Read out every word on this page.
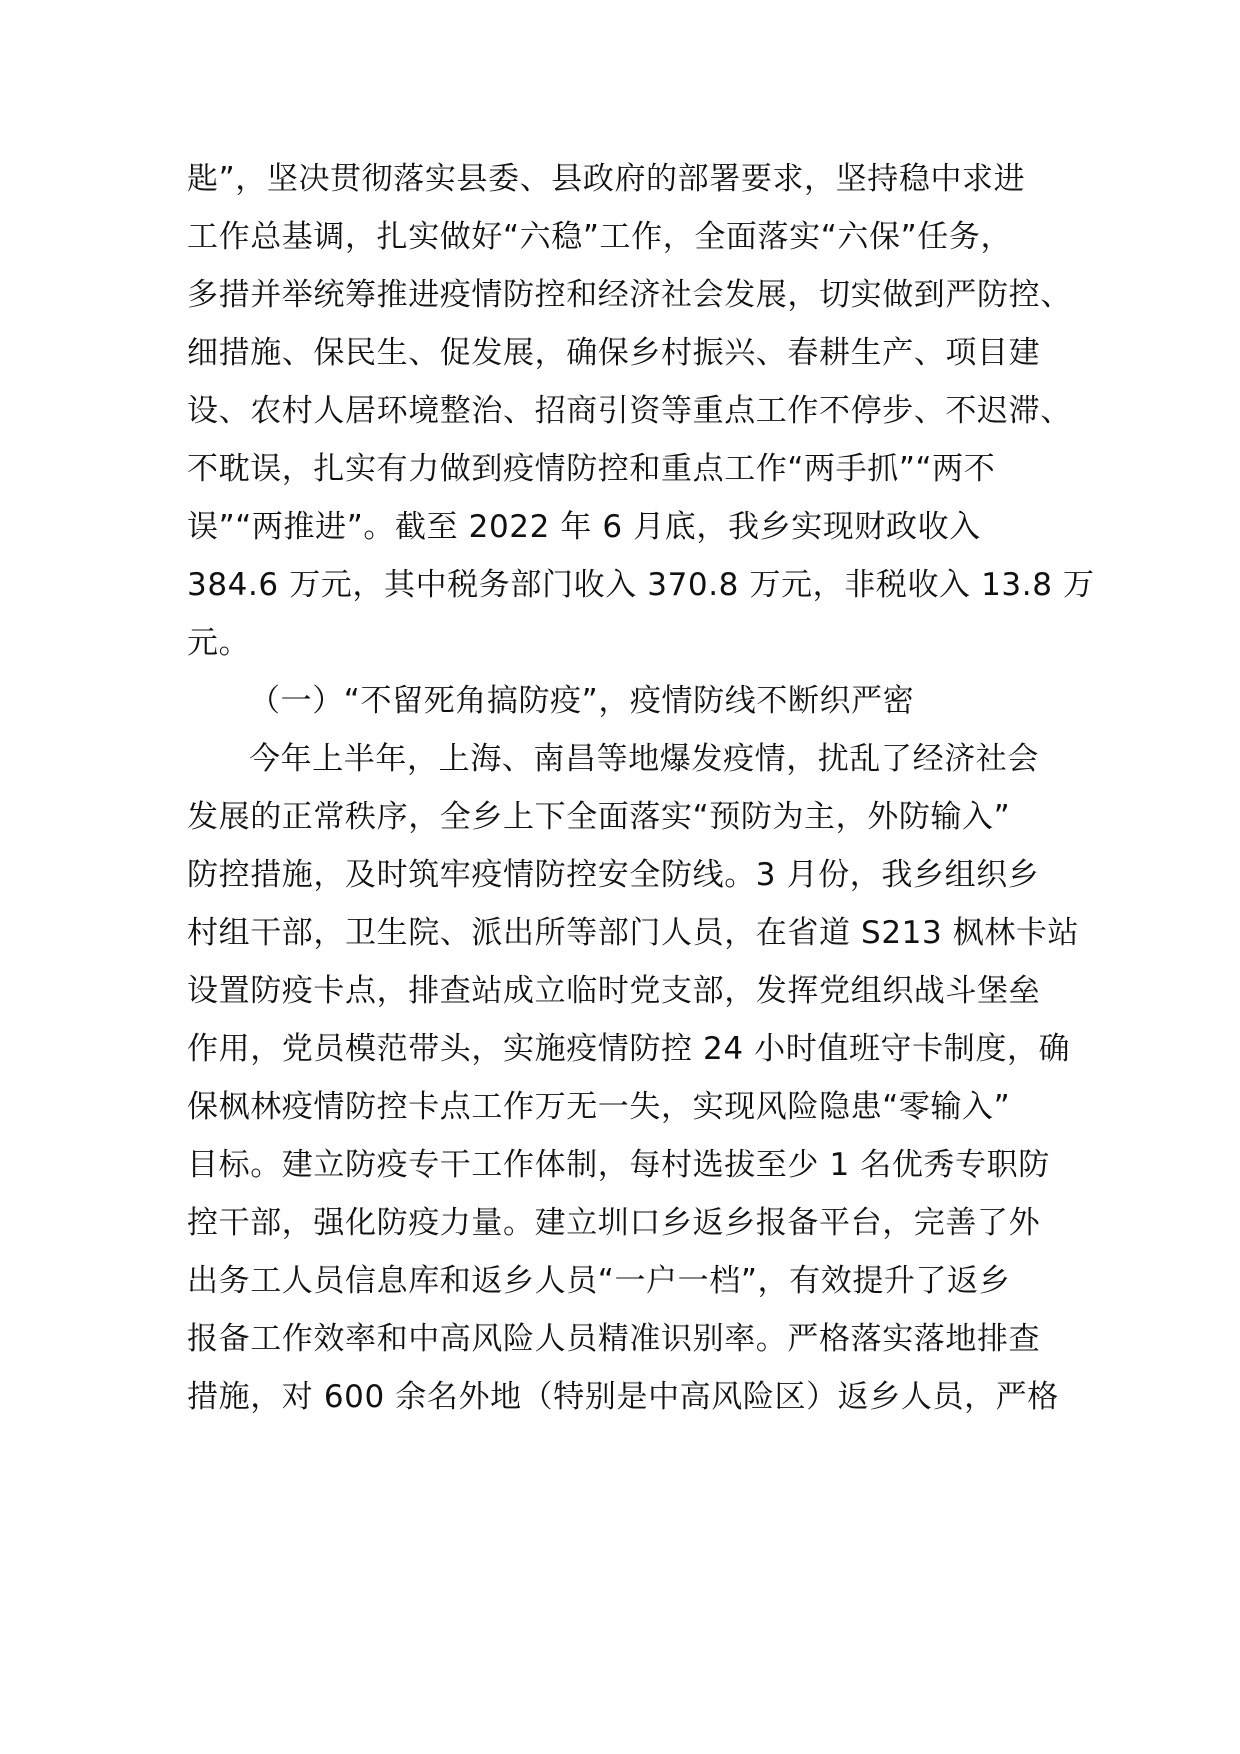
匙”，坚决贯彻落实县委、县政府的部署要求，坚持稳中求进
工作总基调，扎实做好“六稳”工作，全面落实“六保”任务，
多措并举统筹推进疫情防控和经济社会发展，切实做到严防控、
细措施、保民生、促发展，确保乡村振兴、春耕生产、项目建
设、农村人居环境整治、招商引资等重点工作不停步、不迟滞、
不耽误，扎实有力做到疫情防控和重点工作“两手抓”“两不
误”“两推进”。截至 2022 年 6 月底，我乡实现财政收入
384.6 万元，其中税务部门收入 370.8 万元，非税收入 13.8 万
元。
（一）“不留死角搞防疫”，疫情防线不断织严密
今年上半年，上海、南昌等地爆发疫情，扰乱了经济社会
发展的正常秩序，全乡上下全面落实“预防为主，外防输入”
防控措施，及时筑牢疫情防控安全防线。3 月份，我乡组织乡
村组干部，卫生院、派出所等部门人员，在省道 S213 枫林卡站
设置防疫卡点，排查站成立临时党支部，发挥党组织战斗堡垒
作用，党员模范带头，实施疫情防控 24 小时值班守卡制度，确
保枫林疫情防控卡点工作万无一失，实现风险隐患“零输入”
目标。建立防疫专干工作体制，每村选拔至少 1 名优秀专职防
控干部，强化防疫力量。建立圳口乡返乡报备平台，完善了外
出务工人员信息库和返乡人员“一户一档”，有效提升了返乡
报备工作效率和中高风险人员精准识别率。严格落实落地排查
措施，对 600 余名外地（特别是中高风险区）返乡人员，严格
